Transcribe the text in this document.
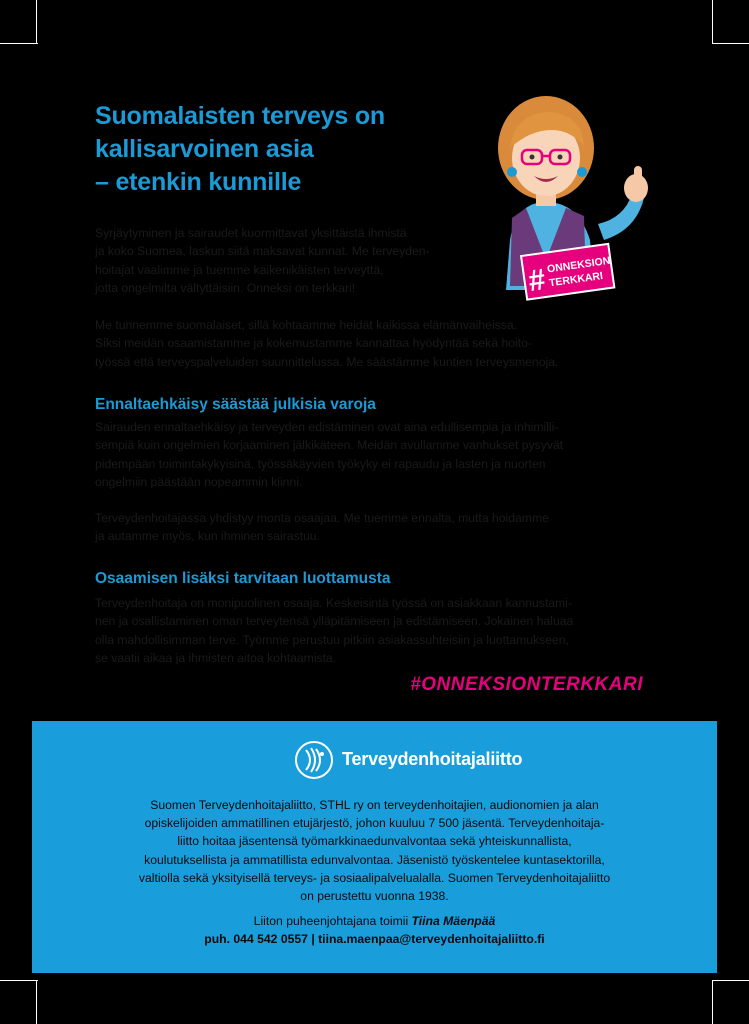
Suomalaisten terveys on
kallisarvoinen asia
– etenkin kunnille
#
ONNEKSION
TERKKARI

Syrjäytyminen ja sairaudet kuormittavat yksittäistä ihmistä
ja koko Suomea, laskun siitä maksavat kunnat. Me terveyden-
hoitajat vaalimme ja tuemme kaikenikäisten terveyttä,
jotta ongelmilta vältyttäisiin. Onneksi on terkkari!

Me tunnemme suomalaiset, sillä kohtaamme heidät kaikissa elämänvaiheissa.
Siksi meidän osaamistamme ja kokemustamme kannattaa hyödyntää sekä hoito-
työssä että terveyspalveluiden suunnittelussa. Me säästämme kuntien terveysmenoja.

Ennaltaehkäisy säästää julkisia varoja

Sairauden ennaltaehkäisy ja terveyden edistäminen ovat aina edullisempia ja inhimilli-
sempiä kuin ongelmien korjaaminen jälkikäteen. Meidän avullamme vanhukset pysyvät
pidempään toimintakykyisinä, työssäkäyvien työkyky ei rapaudu ja lasten ja nuorten
ongelmiin päästään nopeammin kiinni.

Terveydenhoitajassa yhdistyy monta osaajaa. Me tuemme ennalta, mutta hoidamme
ja autamme myös, kun ihminen sairastuu.

Osaamisen lisäksi tarvitaan luottamusta

Terveydenhoitaja on monipuolinen osaaja. Keskeisintä työssä on asiakkaan kannustami-
nen ja osallistaminen oman terveytensä ylläpitämiseen ja edistämiseen. Jokainen haluaa
olla mahdollisimman terve. Työmme perustuu pitkiin asiakassuhteisiin ja luottamukseen,
se vaatii aikaa ja ihmisten aitoa kohtaamista.

#ONNEKSIONTERKKARI
Terveydenhoitajaliitto
Suomen Terveydenhoitajaliitto, STHL ry on terveydenhoitajien, audionomien ja alan
opiskelijoiden ammatillinen etujärjestö, johon kuuluu 7 500 jäsentä. Terveydenhoitaja-
liitto hoitaa jäsentensä työmarkkinaedunvalvontaa sekä yhteiskunnallista,
koulutuksellista ja ammatillista edunvalvontaa. Jäsenistö työskentelee kuntasektorilla,
valtiolla sekä yksityisellä terveys- ja sosiaalipalvelualalla. Suomen Terveydenhoitajaliitto
on perustettu vuonna 1938.
Liiton puheenjohtajana toimii Tiina Mäenpää
puh. 044 542 0557 | tiina.maenpaa@terveydenhoitajaliitto.fi
